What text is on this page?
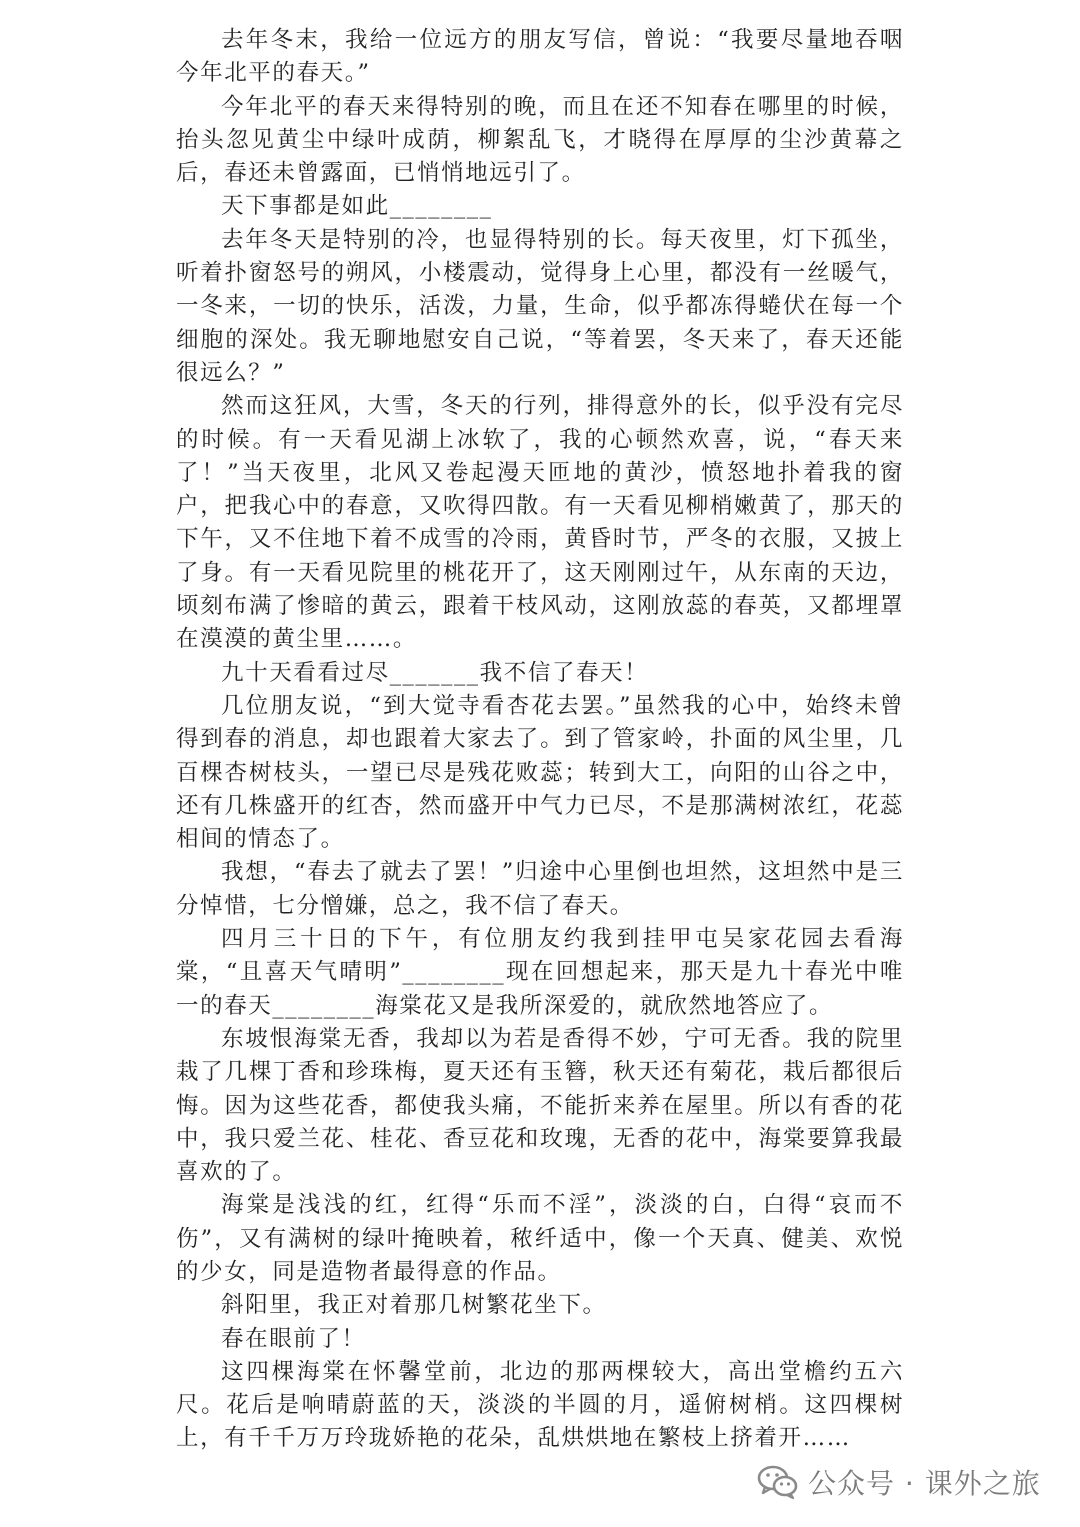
去年冬末，我给一位远方的朋友写信，曾说：“我要尽量地吞咽今年北平的春天。”

今年北平的春天来得特别的晚，而且在还不知春在哪里的时候，抬头忽见黄尘中绿叶成荫，柳絮乱飞，才晓得在厚厚的尘沙黄幕之后，春还未曾露面，已悄悄地远引了。

天下事都是如此________

去年冬天是特别的冷，也显得特别的长。每天夜里，灯下孤坐，听着扑窗怒号的朔风，小楼震动，觉得身上心里，都没有一丝暖气，一冬来，一切的快乐，活泼，力量，生命，似乎都冻得蜷伏在每一个细胞的深处。我无聊地慰安自己说，“等着罢，冬天来了，春天还能很远么？”

然而这狂风，大雪，冬天的行列，排得意外的长，似乎没有完尽的时候。有一天看见湖上冰软了，我的心顿然欢喜，说，“春天来了！”当天夜里，北风又卷起漫天匝地的黄沙，愤怒地扑着我的窗户，把我心中的春意，又吹得四散。有一天看见柳梢嫩黄了，那天的下午，又不住地下着不成雪的冷雨，黄昏时节，严冬的衣服，又披上了身。有一天看见院里的桃花开了，这天刚刚过午，从东南的天边，顷刻布满了惨暗的黄云，跟着干枝风动，这刚放蕊的春英，又都埋罩在漠漠的黄尘里……。

九十天看看过尽_______我不信了春天！

几位朋友说，“到大觉寺看杏花去罢。”虽然我的心中，始终未曾得到春的消息，却也跟着大家去了。到了管家岭，扑面的风尘里，几百棵杏树枝头，一望已尽是残花败蕊；转到大工，向阳的山谷之中，还有几株盛开的红杏，然而盛开中气力已尽，不是那满树浓红，花蕊相间的情态了。

我想，“春去了就去了罢！”归途中心里倒也坦然，这坦然中是三分悼惜，七分憎嫌，总之，我不信了春天。

四月三十日的下午，有位朋友约我到挂甲屯吴家花园去看海棠，“且喜天气晴明”________现在回想起来，那天是九十春光中唯一的春天________海棠花又是我所深爱的，就欣然地答应了。

东坡恨海棠无香，我却以为若是香得不妙，宁可无香。我的院里栽了几棵丁香和珍珠梅，夏天还有玉簪，秋天还有菊花，栽后都很后悔。因为这些花香，都使我头痛，不能折来养在屋里。所以有香的花中，我只爱兰花、桂花、香豆花和玫瑰，无香的花中，海棠要算我最喜欢的了。

海棠是浅浅的红，红得“乐而不淫”，淡淡的白，白得“哀而不伤”，又有满树的绿叶掩映着，秾纤适中，像一个天真、健美、欢悦的少女，同是造物者最得意的作品。

斜阳里，我正对着那几树繁花坐下。

春在眼前了！

这四棵海棠在怀馨堂前，北边的那两棵较大，高出堂檐约五六尺。花后是响晴蔚蓝的天，淡淡的半圆的月，遥俯树梢。这四棵树上，有千千万万玲珑娇艳的花朵，乱烘烘地在繁枝上挤着开……

公众号 · 课外之旅
